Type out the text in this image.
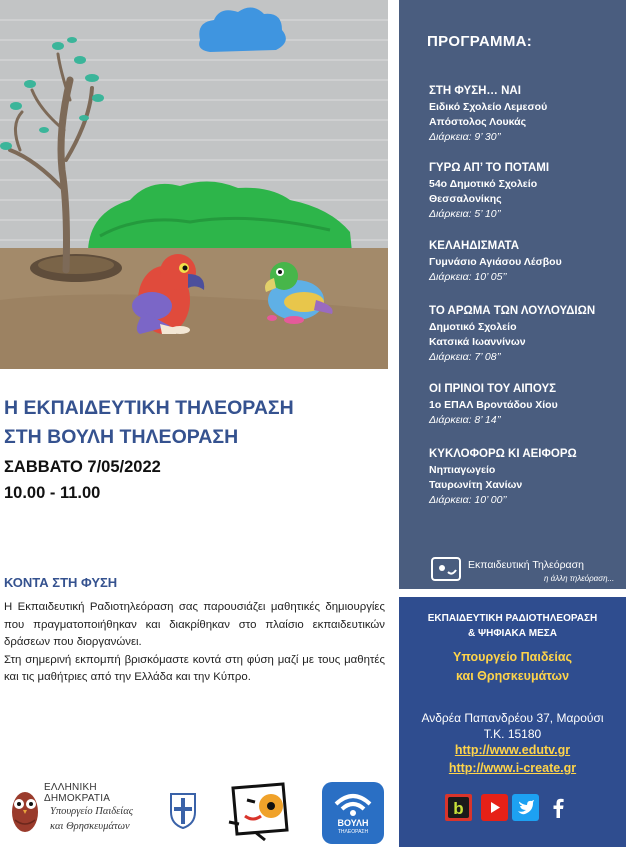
Η ΕΚΠΑΙΔΕΥΤΙΚΗ ΤΗΛΕΟΡΑΣΗ
ΣΤΗ ΒΟΥΛΗ ΤΗΛΕΟΡΑΣΗ
ΣΑΒΒΑΤΟ 7/05/2022
10.00 - 11.00
ΚΟΝΤΑ ΣΤΗ ΦΥΣΗ

Η Εκπαιδευτική Ραδιοτηλεόραση σας παρουσιάζει μαθητικές δημιουργίες που πραγματοποιήθηκαν και διακρίθηκαν στο πλαίσιο εκπαιδευτικών δράσεων που διοργανώνει.

Στη σημερινή εκπομπή βρισκόμαστε κοντά στη φύση μαζί με τους μαθητές και τις μαθήτριες από την Ελλάδα και την Κύπρο.

ΕΛΛΗΝΙΚΗ ΔΗΜΟΚΡΑΤΙΑ
Υπουργείο Παιδείας
και Θρησκευμάτων	ΒΟΥΛΗ
ΤΗΛΕΟΡΑΣΗ
ΠΡΟΓΡΑΜΜΑ:
ΣΤΗ ΦΥΣΗ… ΝΑΙ
Ειδικό Σχολείο Λεμεσού
Απόστολος Λουκάς
Διάρκεια: 9’ 30’’
ΓΥΡΩ ΑΠ’ ΤΟ ΠΟΤΑΜΙ
54ο Δημοτικό Σχολείο
Θεσσαλονίκης
Διάρκεια: 5’ 10’’
ΚΕΛΑΗΔΙΣΜΑΤΑ
Γυμνάσιο Αγιάσου Λέσβου
Διάρκεια: 10’ 05’’
ΤΟ ΑΡΩΜΑ ΤΩΝ ΛΟΥΛΟΥΔΙΩΝ
Δημοτικό Σχολείο
Κατσικά Ιωαννίνων
Διάρκεια: 7’ 08’’
ΟΙ ΠΡΙΝΟΙ ΤΟΥ ΑΙΠΟΥΣ
1ο ΕΠΑΛ Βροντάδου Χίου
Διάρκεια: 8’ 14’’
ΚΥΚΛΟΦΟΡΩ ΚΙ ΑΕΙΦΟΡΩ
Νηπιαγωγείο
Ταυρωνίτη Χανίων
Διάρκεια: 10’ 00’’
Εκπαιδευτική Τηλεόραση
η άλλη τηλεόραση...
ΕΚΠΑΙΔΕΥΤΙΚΗ ΡΑΔΙΟΤΗΛΕΟΡΑΣΗ
& ΨΗΦΙΑΚΑ ΜΕΣΑ
Υπουργείο Παιδείας
και Θρησκευμάτων
Ανδρέα Παπανδρέου 37, Μαρούσι
Τ.Κ. 15180
http://www.edutv.gr
http://www.i-create.gr
b
